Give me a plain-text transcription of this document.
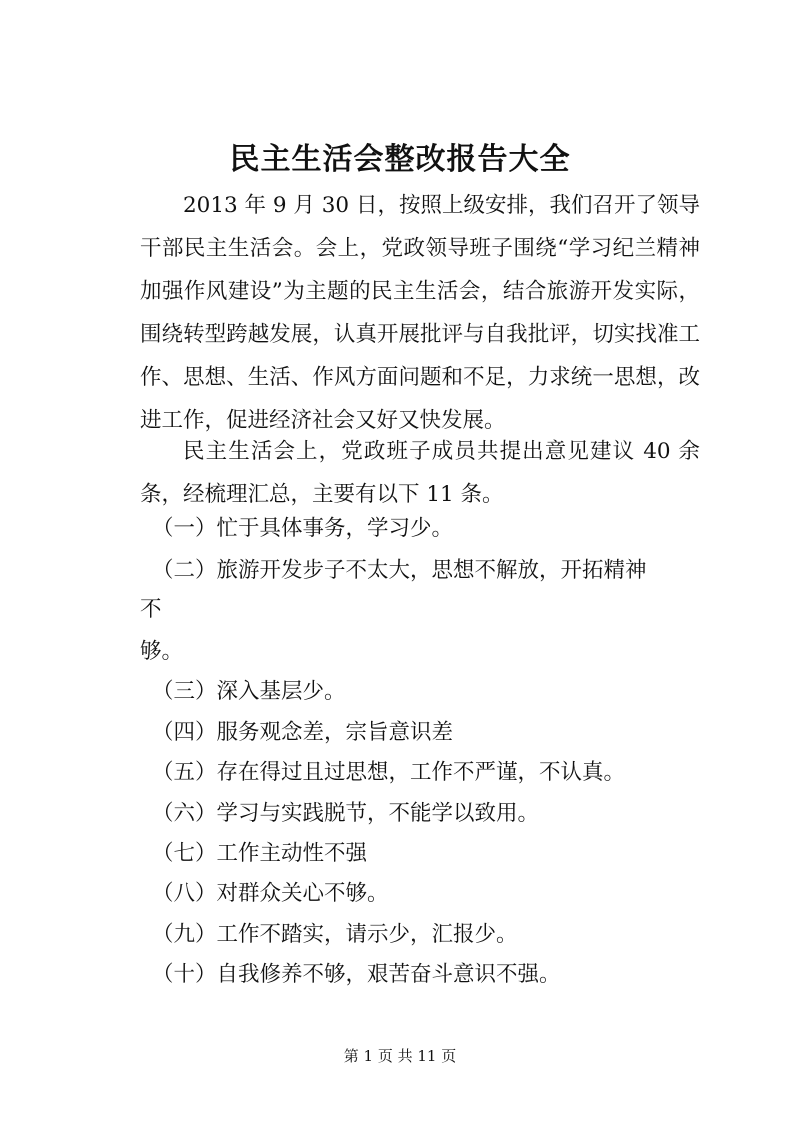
民主生活会整改报告大全

2013 年 9 月 30 日，按照上级安排，我们召开了领导干部民主生活会。会上，党政领导班子围绕“学习纪兰精神加强作风建设”为主题的民主生活会，结合旅游开发实际，围绕转型跨越发展，认真开展批评与自我批评，切实找准工作、思想、生活、作风方面问题和不足，力求统一思想，改进工作，促进经济社会又好又快发展。

民主生活会上，党政班子成员共提出意见建议 40 余条，经梳理汇总，主要有以下 11 条。

（一）忙于具体事务，学习少。
（二）旅游开发步子不太大，思想不解放，开拓精神
不
够。
（三）深入基层少。
（四）服务观念差，宗旨意识差
（五）存在得过且过思想，工作不严谨，不认真。
（六）学习与实践脱节，不能学以致用。
（七）工作主动性不强
（八）对群众关心不够。
（九）工作不踏实，请示少，汇报少。
（十）自我修养不够，艰苦奋斗意识不强。
第 1 页 共 11 页
